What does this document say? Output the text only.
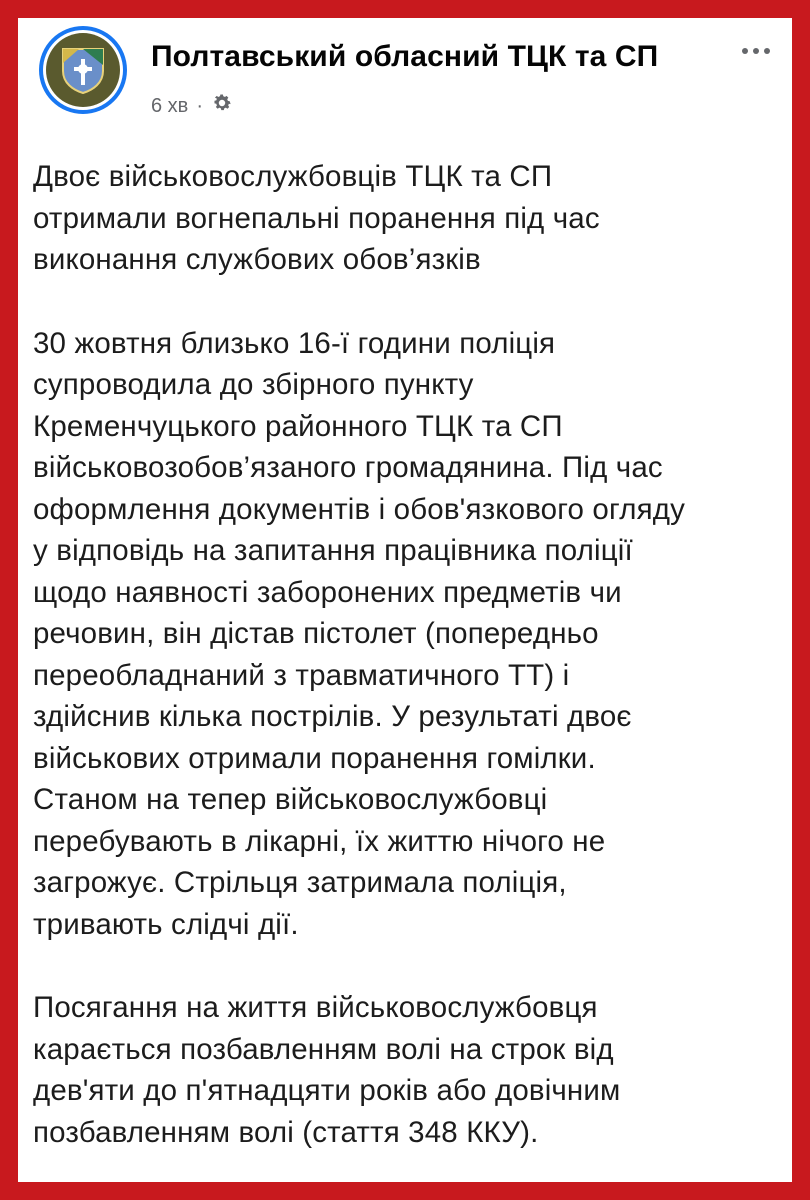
Полтавський обласний ТЦК та СП
6 хв ·

Двоє військовослужбовців ТЦК та СП
отримали вогнепальні поранення під час
виконання службових обов’язків

30 жовтня близько 16-ї години поліція
супроводила до збірного пункту
Кременчуцького районного ТЦК та СП
військовозобов’язаного громадянина. Під час
оформлення документів і обов'язкового огляду
у відповідь на запитання працівника поліції
щодо наявності заборонених предметів чи
речовин, він дістав пістолет (попередньо
переобладнаний з травматичного ТТ) і
здійснив кілька пострілів. У результаті двоє
військових отримали поранення гомілки.
Станом на тепер військовослужбовці
перебувають в лікарні, їх життю нічого не
загрожує. Стрільця затримала поліція,
тривають слідчі дії.

Посягання на життя військовослужбовця
карається позбавленням волі на строк від
дев'яти до п'ятнадцяти років або довічним
позбавленням волі (стаття 348 ККУ).
